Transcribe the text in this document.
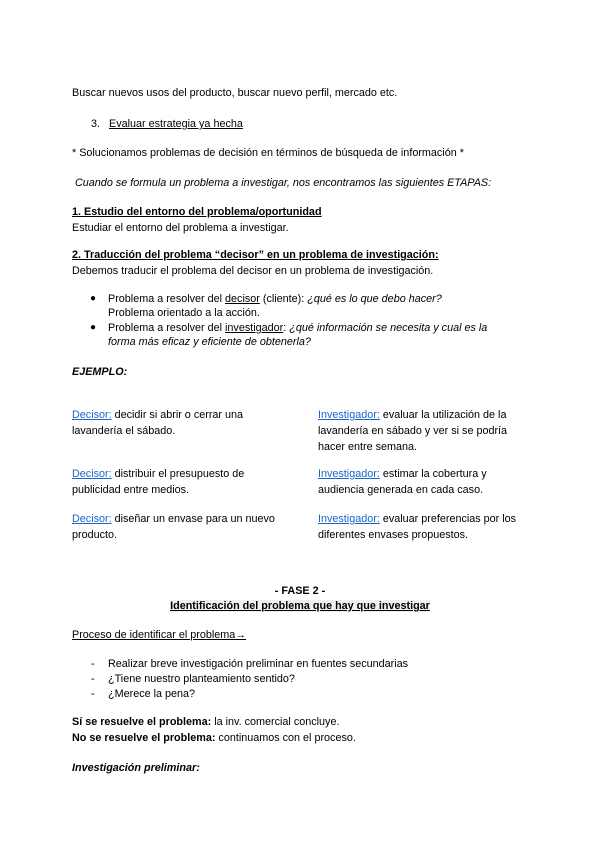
Buscar nuevos usos del producto, buscar nuevo perfil, mercado etc.
3. Evaluar estrategia ya hecha
* Solucionamos problemas de decisión en términos de búsqueda de información *
Cuando se formula un problema a investigar, nos encontramos las siguientes ETAPAS:
1. Estudio del entorno del problema/oportunidad
Estudiar el entorno del problema a investigar.
2. Traducción del problema “decisor” en un problema de investigación:
Debemos traducir el problema del decisor en un problema de investigación.
● Problema a resolver del decisor (cliente): ¿qué es lo que debo hacer?
Problema orientado a la acción.
● Problema a resolver del investigador: ¿qué información se necesita y cual es la
forma más eficaz y eficiente de obtenerla?
EJEMPLO:
Decisor: decidir si abrir o cerrar una lavandería el sábado.
Investigador: evaluar la utilización de la lavandería en sábado y ver si se podría hacer entre semana.
Decisor: distribuir el presupuesto de publicidad entre medios.
Investigador: estimar la cobertura y audiencia generada en cada caso.
Decisor: diseñar un envase para un nuevo producto.
Investigador: evaluar preferencias por los diferentes envases propuestos.
- FASE 2 -
Identificación del problema que hay que investigar
Proceso de identificar el problema→
- Realizar breve investigación preliminar en fuentes secundarias
- ¿Tiene nuestro planteamiento sentido?
- ¿Merece la pena?
Sí se resuelve el problema: la inv. comercial concluye.
No se resuelve el problema: continuamos con el proceso.
Investigación preliminar:
